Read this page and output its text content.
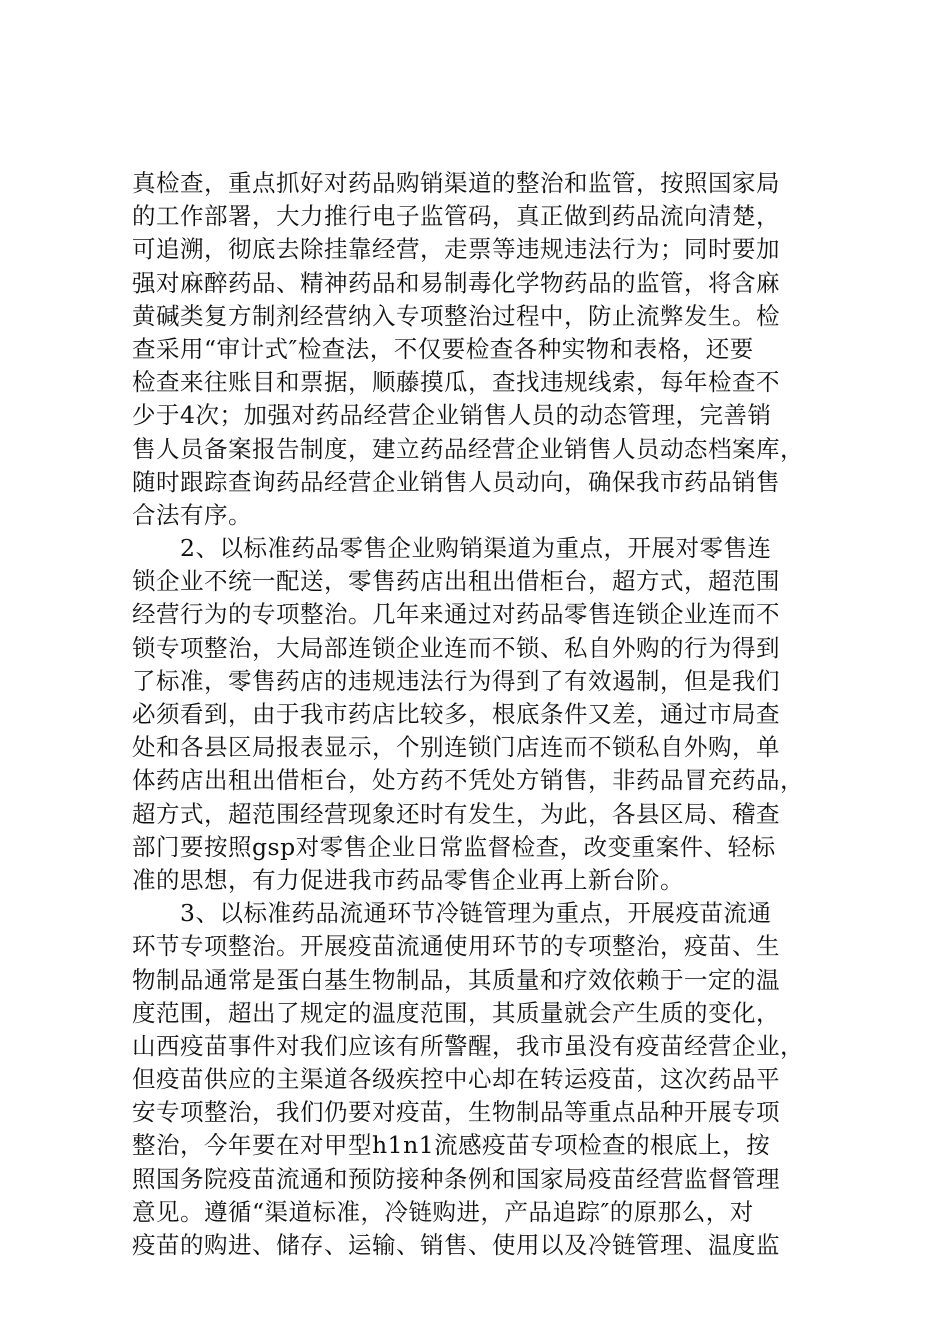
真检查，重点抓好对药品购销渠道的整治和监管，按照国家局
的工作部署，大力推行电子监管码，真正做到药品流向清楚，
可追溯，彻底去除挂靠经营，走票等违规违法行为；同时要加
强对麻醉药品、精神药品和易制毒化学物药品的监管，将含麻
黄碱类复方制剂经营纳入专项整治过程中，防止流弊发生。检
查采用“审计式″检查法，不仅要检查各种实物和表格，还要
检查来往账目和票据，顺藤摸瓜，查找违规线索，每年检查不
少于4次；加强对药品经营企业销售人员的动态管理，完善销
售人员备案报告制度，建立药品经营企业销售人员动态档案库，
随时跟踪查询药品经营企业销售人员动向，确保我市药品销售
合法有序。
　　2、以标准药品零售企业购销渠道为重点，开展对零售连
锁企业不统一配送，零售药店出租出借柜台，超方式，超范围
经营行为的专项整治。几年来通过对药品零售连锁企业连而不
锁专项整治，大局部连锁企业连而不锁、私自外购的行为得到
了标准，零售药店的违规违法行为得到了有效遏制，但是我们
必须看到，由于我市药店比较多，根底条件又差，通过市局查
处和各县区局报表显示，个别连锁门店连而不锁私自外购，单
体药店出租出借柜台，处方药不凭处方销售，非药品冒充药品，
超方式，超范围经营现象还时有发生，为此，各县区局、稽查
部门要按照gsp对零售企业日常监督检查，改变重案件、轻标
准的思想，有力促进我市药品零售企业再上新台阶。
　　3、以标准药品流通环节冷链管理为重点，开展疫苗流通
环节专项整治。开展疫苗流通使用环节的专项整治，疫苗、生
物制品通常是蛋白基生物制品，其质量和疗效依赖于一定的温
度范围，超出了规定的温度范围，其质量就会产生质的变化，
山西疫苗事件对我们应该有所警醒，我市虽没有疫苗经营企业，
但疫苗供应的主渠道各级疾控中心却在转运疫苗，这次药品平
安专项整治，我们仍要对疫苗，生物制品等重点品种开展专项
整治，今年要在对甲型h1n1流感疫苗专项检查的根底上，按
照国务院疫苗流通和预防接种条例和国家局疫苗经营监督管理
意见。遵循“渠道标准，冷链购进，产品追踪″的原那么，对
疫苗的购进、储存、运输、销售、使用以及冷链管理、温度监
